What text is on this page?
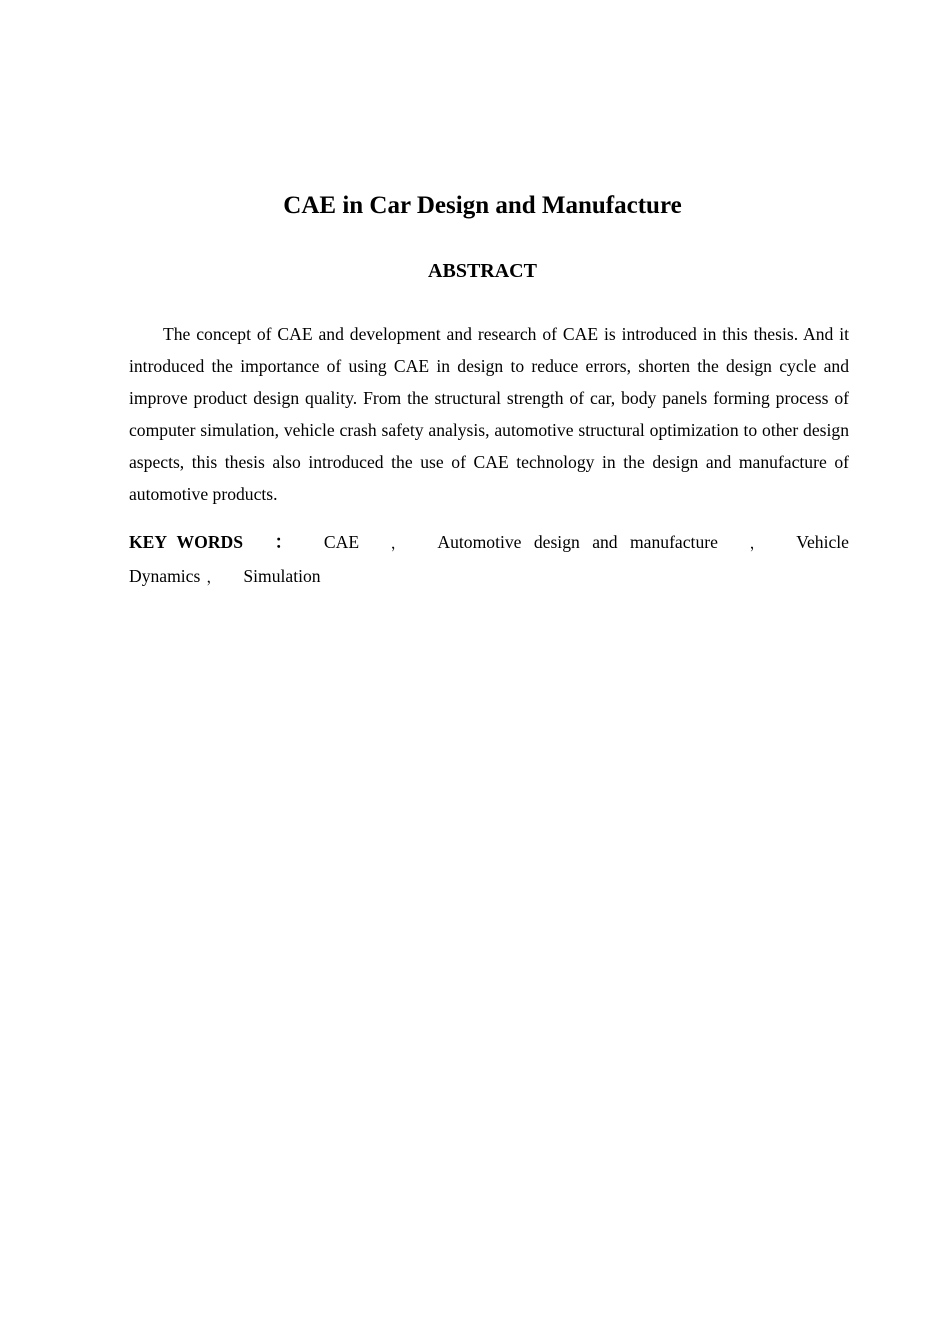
CAE in Car Design and Manufacture
ABSTRACT

The concept of CAE and development and research of CAE is introduced in this thesis. And it introduced the importance of using CAE in design to reduce errors, shorten the design cycle and improve product design quality. From the structural strength of car, body panels forming process of computer simulation, vehicle crash safety analysis, automotive structural optimization to other design aspects, this thesis also introduced the use of CAE technology in the design and manufacture of automotive products.

KEY WORDS ： CAE ， Automotive design and manufacture ， Vehicle
Dynamics ， Simulation
